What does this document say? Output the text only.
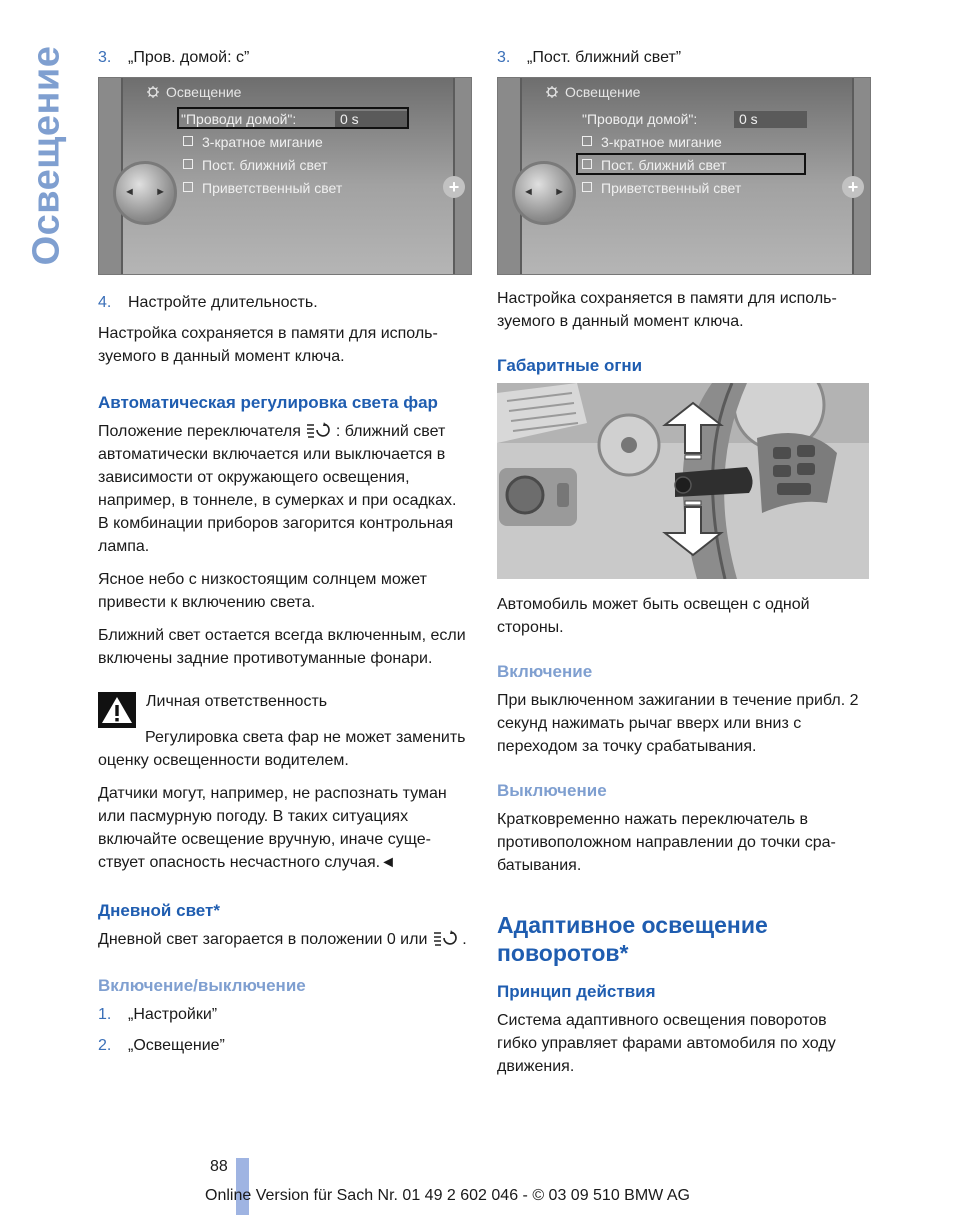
Освещение 3.	„Пров. домой: с”
Освещение
"Проводи домой":	0 s
3-кратное мигание
Пост. ближний свет
Приветственный свет
◄ ►	+
4.	Настройте длительность.

Настройка сохраняется в памяти для используемого в данный момент ключа.

Автоматическая регулировка света фар

Положение переключателя : ближний свет автоматически включается или выключается в зависимости от окружающего освещения, например, в тоннеле, в сумерках и при осадках. В комбинации приборов загорится контрольная лампа.

Ясное небо с низкостоящим солнцем может привести к включению света.

Ближний свет остается всегда включенным, если включены задние противотуманные фонари.

Личная ответственность

Регулировка света фар не может заменить оценку освещенности водителем.

Датчики могут, например, не распознать туман или пасмурную погоду. В таких ситуациях включайте освещение вручную, иначе существует опасность несчастного случая.◄

Дневной свет*

Дневной свет загорается в положении 0 или .

Включение/выключение
1.	„Настройки”
2.	„Освещение”
3.	„Пост. ближний свет”
Освещение
"Проводи домой":	0 s
3-кратное мигание
Пост. ближний свет
Приветственный свет
◄ ►	+

Настройка сохраняется в памяти для используемого в данный момент ключа.

Габаритные огни

Автомобиль может быть освещен с одной стороны.

Включение

При выключенном зажигании в течение прибл. 2 секунд нажимать рычаг вверх или вниз с переходом за точку срабатывания.

Выключение

Кратковременно нажать переключатель в противоположном направлении до точки срабатывания.

Адаптивное освещение поворотов*
Принцип действия

Система адаптивного освещения поворотов гибко управляет фарами автомобиля по ходу движения.

88
Online Version für Sach Nr. 01 49 2 602 046 - © 03 09 510 BMW AG
